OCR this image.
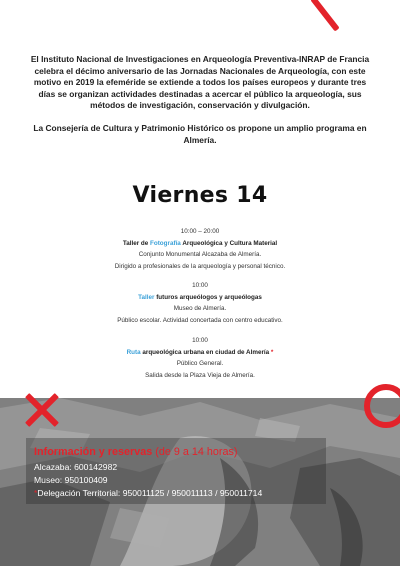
El Instituto Nacional de Investigaciones en Arqueología Preventiva-INRAP de Francia celebra el décimo aniversario de las Jornadas Nacionales de Arqueología, con este motivo en 2019 la efeméride se extiende a todos los países europeos y durante tres días se organizan actividades destinadas a acercar el público la arqueología, sus métodos de investigación, conservación y divulgación.

La Consejería de Cultura y Patrimonio Histórico os propone un amplio programa en Almería.

Viernes 14
10:00 – 20:00
Taller de Fotografía Arqueológica y Cultura Material
Conjunto Monumental Alcazaba de Almería.
Dirigido a profesionales de la arqueología y personal técnico.
10:00
Taller futuros arqueólogos y arqueólogas
Museo de Almería.
Público escolar. Actividad concertada con centro educativo.
10:00
Ruta arqueológica urbana en ciudad de Almería *
Público General.
Salida desde la Plaza Vieja de Almería.
Información y reservas (de 9 a 14 horas)
Alcazaba: 600142982
Museo: 950100409
*Delegación Territorial: 950011125 / 950011113 / 950011714
